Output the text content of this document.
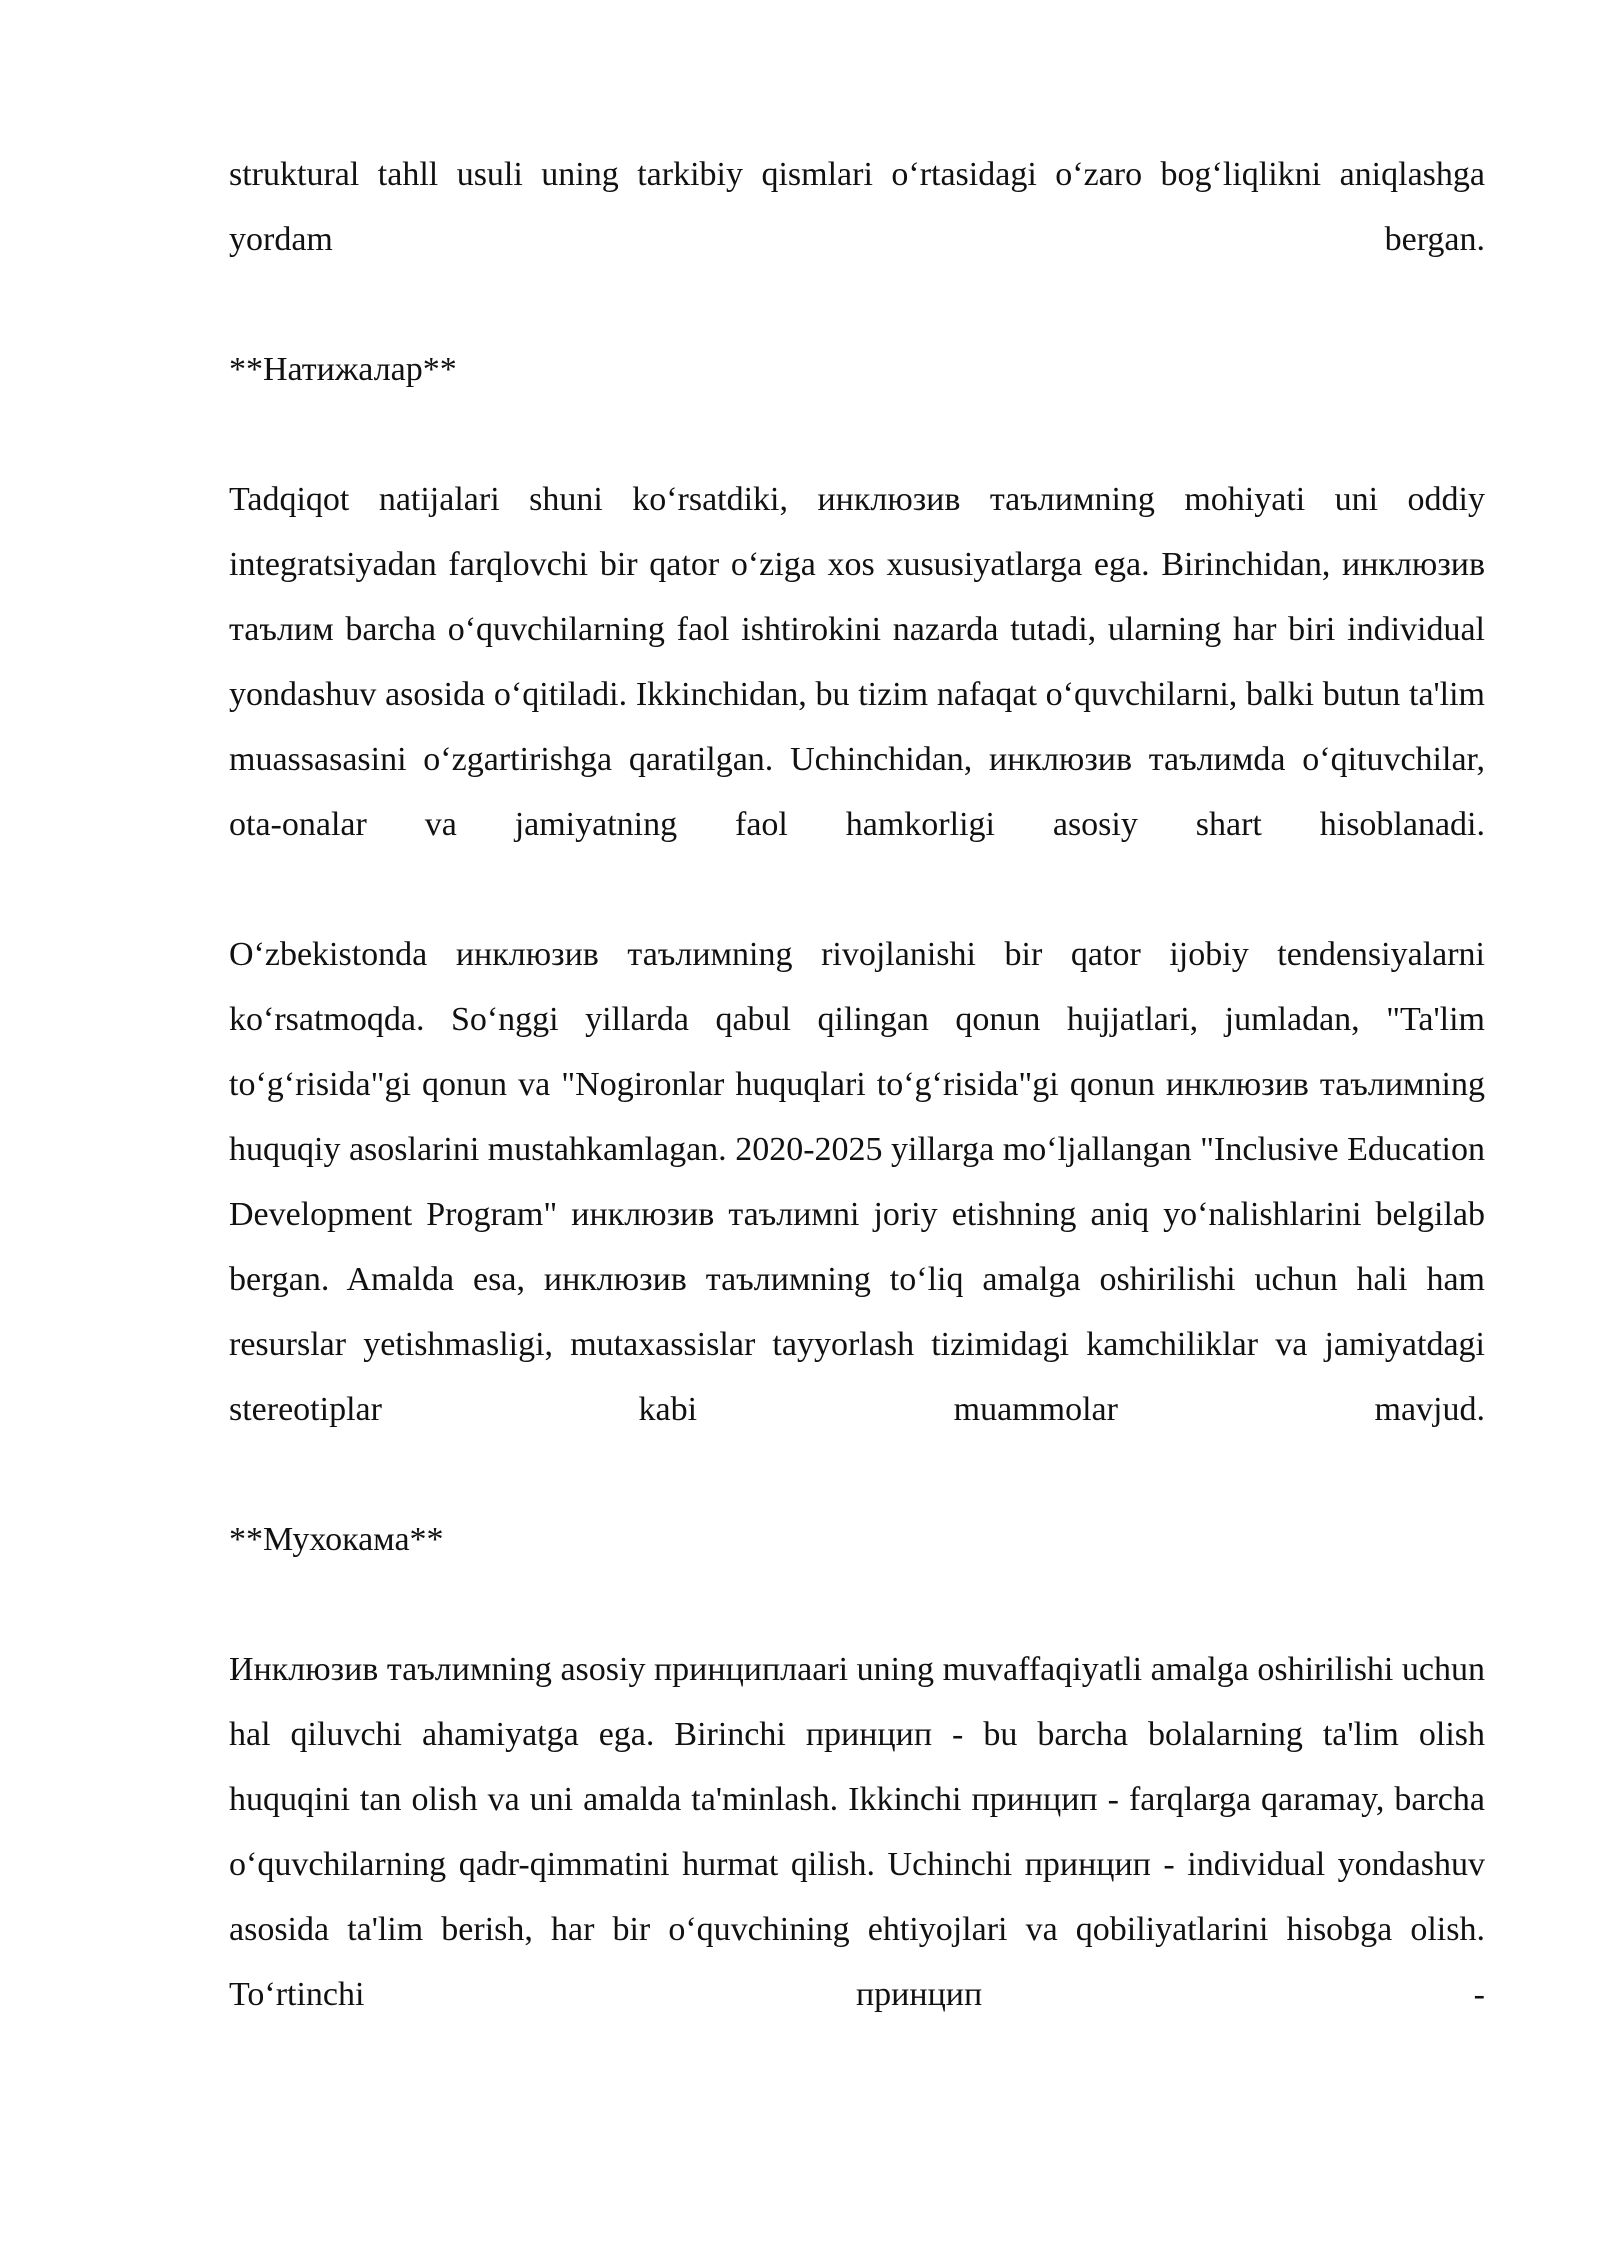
struktural tahll usuli uning tarkibiy qismlari o‘rtasidagi o‘zaro bog‘liqlikni aniqlashga yordam bergan.

**Натижалар**

Tadqiqot natijalari shuni ko‘rsatdiki, инклюзив таълимning mohiyati uni oddiy integratsiyadan farqlovchi bir qator o‘ziga xos xususiyatlarga ega. Birinchidan, инклюзив таълим barcha o‘quvchilarning faol ishtirokini nazarda tutadi, ularning har biri individual yondashuv asosida o‘qitiladi. Ikkinchidan, bu tizim nafaqat o‘quvchilarni, balki butun ta'lim muassasasini o‘zgartirishga qaratilgan. Uchinchidan, инклюзив таълимda o‘qituvchilar, ota-onalar va jamiyatning faol hamkorligi asosiy shart hisoblanadi.

O‘zbekistonda инклюзив таълимning rivojlanishi bir qator ijobiy tendensiyalarni ko‘rsatmoqda. So‘nggi yillarda qabul qilingan qonun hujjatlari, jumladan, "Ta'lim to‘g‘risida"gi qonun va "Nogironlar huquqlari to‘g‘risida"gi qonun инклюзив таълимning huquqiy asoslarini mustahkamlagan. 2020-2025 yillarga mo‘ljallangan "Inclusive Education Development Program" инклюзив таълимni joriy etishning aniq yo‘nalishlarini belgilab bergan. Amalda esa, инклюзив таълимning to‘liq amalga oshirilishi uchun hali ham resurslar yetishmasligi, mutaxassislar tayyorlash tizimidagi kamchiliklar va jamiyatdagi stereotiplar kabi muammolar mavjud.

**Мухокама**

Инклюзив таълимning asosiy принциплаari uning muvaffaqiyatli amalga oshirilishi uchun hal qiluvchi ahamiyatga ega. Birinchi принцип - bu barcha bolalarning ta'lim olish huquqini tan olish va uni amalda ta'minlash. Ikkinchi принцип - farqlarga qaramay, barcha o‘quvchilarning qadr-qimmatini hurmat qilish. Uchinchi принцип - individual yondashuv asosida ta'lim berish, har bir o‘quvchining ehtiyojlari va qobiliyatlarini hisobga olish. To‘rtinchi принцип -
